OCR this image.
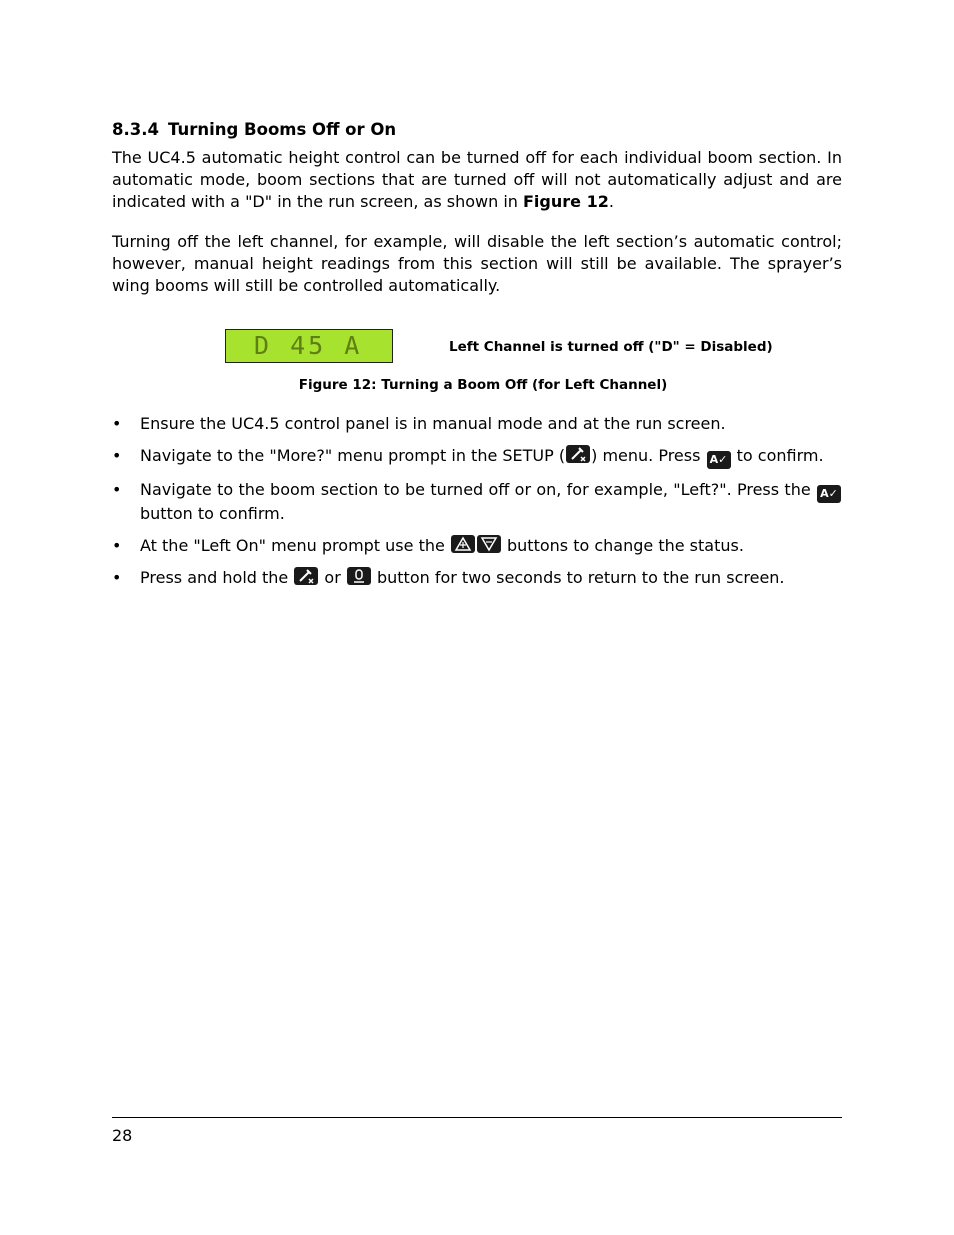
8.3.4 Turning Booms Off or On

The UC4.5 automatic height control can be turned off for each individual boom section. In automatic mode, boom sections that are turned off will not automatically adjust and are indicated with a "D" in the run screen, as shown in Figure 12.

Turning off the left channel, for example, will disable the left section’s automatic control; however, manual height readings from this section will still be available. The sprayer’s wing booms will still be controlled automatically.

D 45 A	Left Channel is turned off ("D" = Disabled)
Figure 12: Turning a Boom Off (for Left Channel)
• Ensure the UC4.5 control panel is in manual mode and at the run screen.
• Navigate to the "More?" menu prompt in the SETUP ( ) menu. Press A✓ to confirm.
• Navigate to the boom section to be turned off or on, for example, "Left?". Press the A✓ button to confirm.
• At the "Left On" menu prompt use the	buttons to change the status.
• Press and hold the
or
button for two seconds to return to the run screen.
28
